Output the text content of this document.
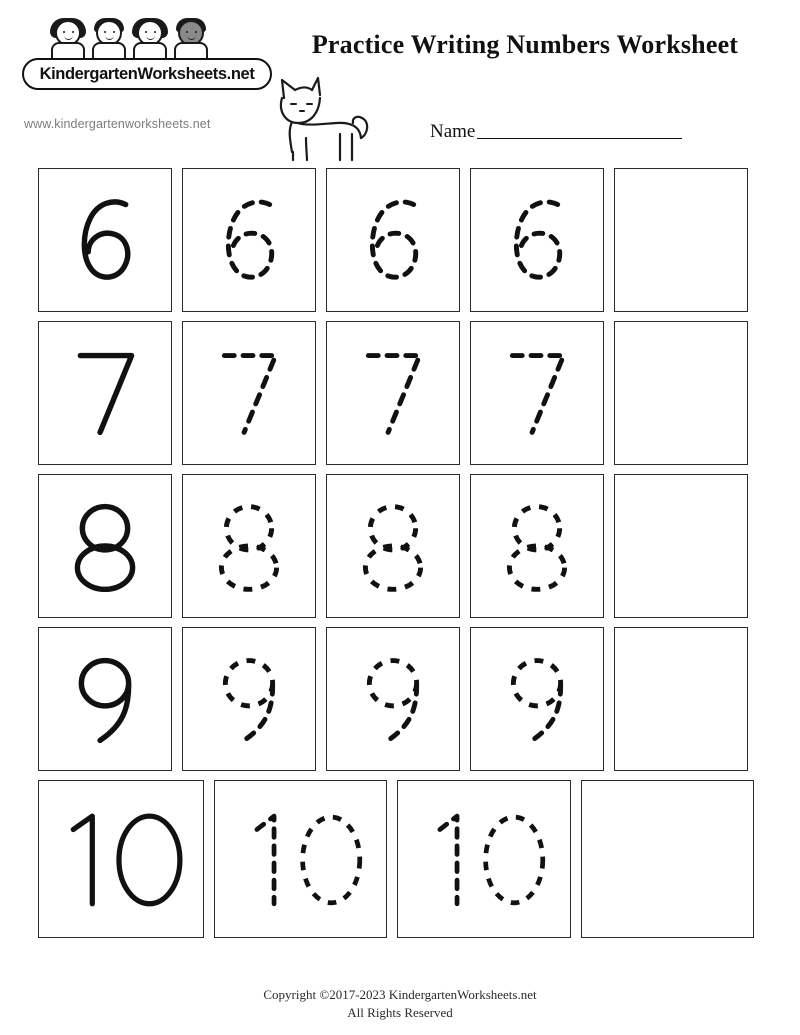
KindergartenWorksheets.net
www.kindergartenworksheets.net
Practice Writing Numbers Worksheet
Name
Copyright ©2017-2023 KindergartenWorksheets.net
All Rights Reserved
